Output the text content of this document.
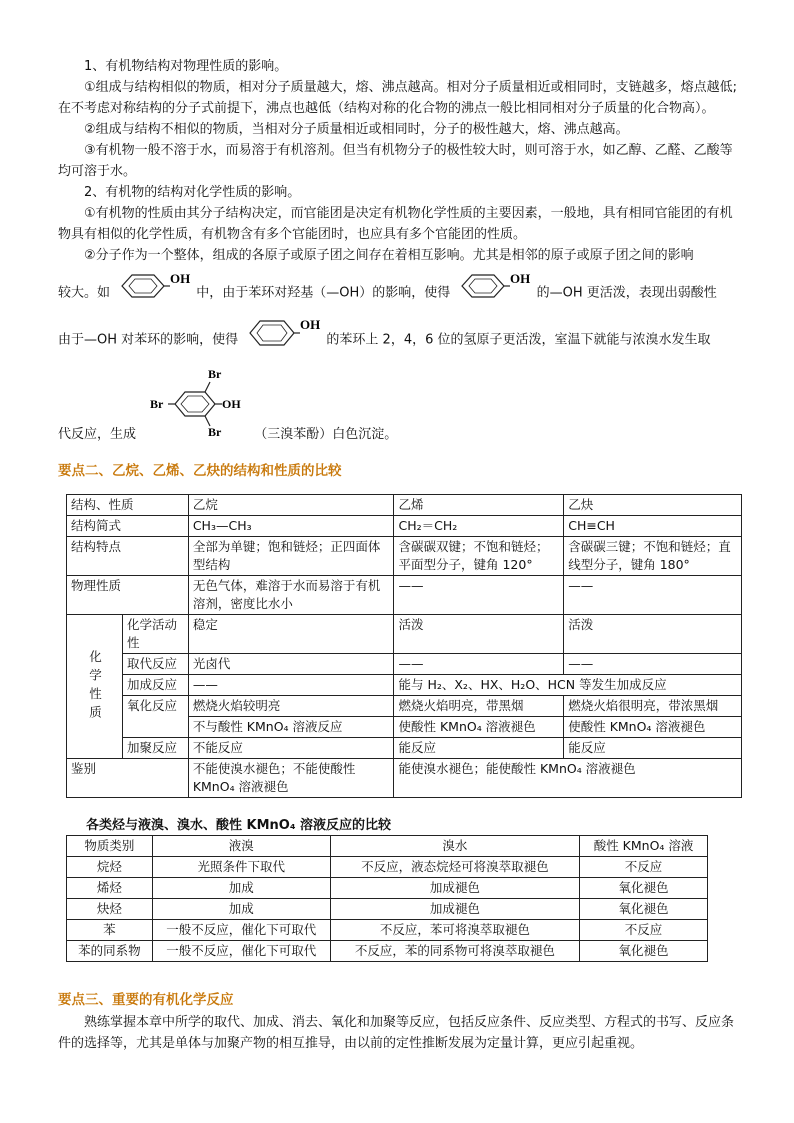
1、有机物结构对物理性质的影响。

①组成与结构相似的物质，相对分子质量越大，熔、沸点越高。相对分子质量相近或相同时，支链越多，熔点越低;在不考虑对称结构的分子式前提下，沸点也越低（结构对称的化合物的沸点一般比相同相对分子质量的化合物高）。

②组成与结构不相似的物质，当相对分子质量相近或相同时，分子的极性越大，熔、沸点越高。

③有机物一般不溶于水，而易溶于有机溶剂。但当有机物分子的极性较大时，则可溶于水，如乙醇、乙醛、乙酸等均可溶于水。

2、有机物的结构对化学性质的影响。

①有机物的性质由其分子结构决定，而官能团是决定有机物化学性质的主要因素，一般地，具有相同官能团的有机物具有相似的化学性质，有机物含有多个官能团时，也应具有多个官能团的性质。

②分子作为一个整体，组成的各原子或原子团之间存在着相互影响。尤其是相邻的原子或原子团之间的影响

较大。如
OH
中，由于苯环对羟基（—OH）的影响，使得
OH
的—OH 更活泼，表现出弱酸性

由于—OH 对苯环的影响，使得
OH
的苯环上 2，4，6 位的氢原子更活泼，室温下就能与浓溴水发生取

代反应，生成
Br
OH
Br
Br
（三溴苯酚）白色沉淀。

要点二、乙烷、乙烯、乙炔的结构和性质的比较

结构、性质		乙烷	乙烯	乙炔
结构简式		CH₃—CH₃	CH₂＝CH₂	CH≡CH
结构特点		全部为单键；饱和链烃；正四面体型结构	含碳碳双键；不饱和链烃；平面型分子，键角 120°	含碳碳三键；不饱和链烃；直线型分子，键角 180°
物理性质		无色气体，难溶于水而易溶于有机溶剂，密度比水小	——	——
化学性质	化学活动性	稳定	活泼	活泼
	取代反应	光卤代	——	——
	加成反应	——	能与 H₂、X₂、HX、H₂O、HCN 等发生加成反应	
	氧化反应	燃烧火焰较明亮	燃烧火焰明亮，带黑烟	燃烧火焰很明亮，带浓黑烟
		不与酸性 KMnO₄ 溶液反应	使酸性 KMnO₄ 溶液褪色	使酸性 KMnO₄ 溶液褪色
	加聚反应	不能反应	能反应	能反应
鉴别		不能使溴水褪色；不能使酸性 KMnO₄ 溶液褪色	能使溴水褪色；能使酸性 KMnO₄ 溶液褪色	

各类烃与液溴、溴水、酸性 KMnO₄ 溶液反应的比较

物质类别	液溴	溴水	酸性 KMnO₄ 溶液
烷烃	光照条件下取代	不反应，液态烷烃可将溴萃取褪色	不反应
烯烃	加成	加成褪色	氧化褪色
炔烃	加成	加成褪色	氧化褪色
苯	一般不反应，催化下可取代	不反应，苯可将溴萃取褪色	不反应
苯的同系物	一般不反应，催化下可取代	不反应，苯的同系物可将溴萃取褪色	氧化褪色

要点三、重要的有机化学反应

熟练掌握本章中所学的取代、加成、消去、氧化和加聚等反应，包括反应条件、反应类型、方程式的书写、反应条件的选择等，尤其是单体与加聚产物的相互推导，由以前的定性推断发展为定量计算，更应引起重视。
